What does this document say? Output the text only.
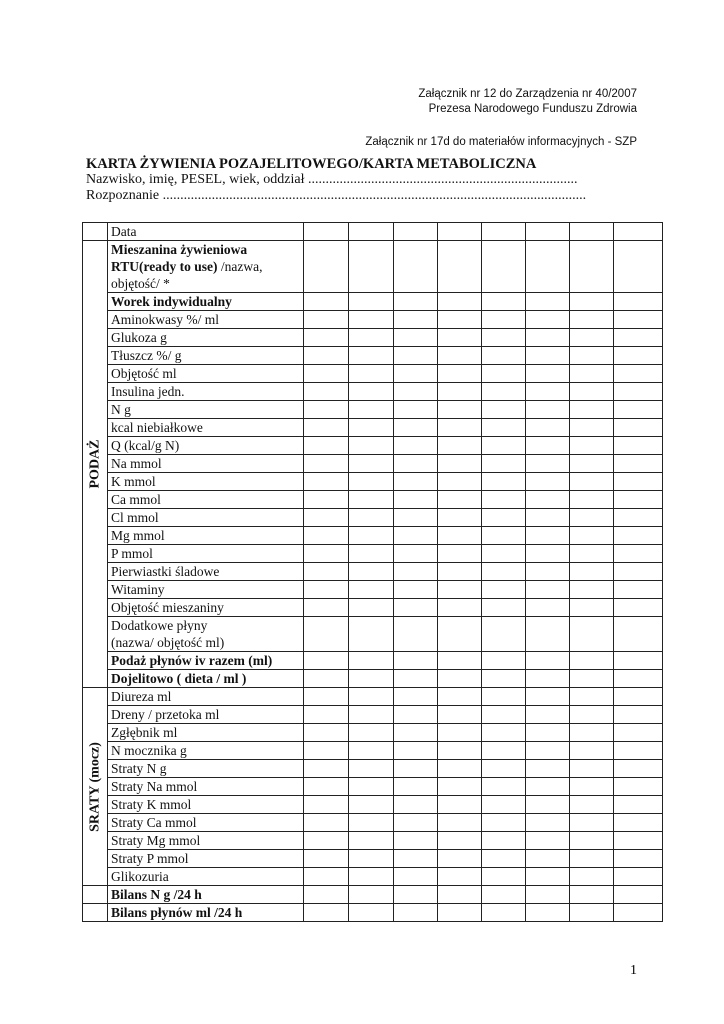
Załącznik nr 12 do Zarządzenia nr 40/2007
Prezesa Narodowego Funduszu Zdrowia
Załącznik nr 17d do materiałów informacyjnych - SZP
KARTA ŻYWIENIA POZAJELITOWEGO/KARTA METABOLICZNA
Nazwisko, imię, PESEL, wiek, oddział .............................................................................
Rozpoznanie .........................................................................................................................
	Data								

PODAŻ	Mieszanina żywieniowa
RTU(ready to use) /nazwa,
objętość/ *								

	Worek indywidualny								

	Aminokwasy %/ ml								

	Glukoza g								

	Tłuszcz %/ g								

	Objętość ml								

	Insulina jedn.								

	N g								

	kcal niebiałkowe								

	Q (kcal/g N)								

	Na mmol								

	K mmol								

	Ca mmol								

	Cl mmol								

	Mg mmol								

	P mmol								

	Pierwiastki śladowe								

	Witaminy								

	Objętość mieszaniny								

	Dodatkowe płyny
(nazwa/ objętość ml)								

	Podaż płynów iv razem (ml)								

	Dojelitowo ( dieta / ml )								

SRATY (mocz)	Diureza ml								
	Dreny / przetoka ml								
	Zgłębnik ml								
	N mocznika g								
	Straty N g								
	Straty Na mmol								
	Straty K mmol								
	Straty Ca mmol								
	Straty Mg mmol								
	Straty P mmol								
	Glikozuria								
	Bilans N g /24 h								
	Bilans płynów ml /24 h								
1
